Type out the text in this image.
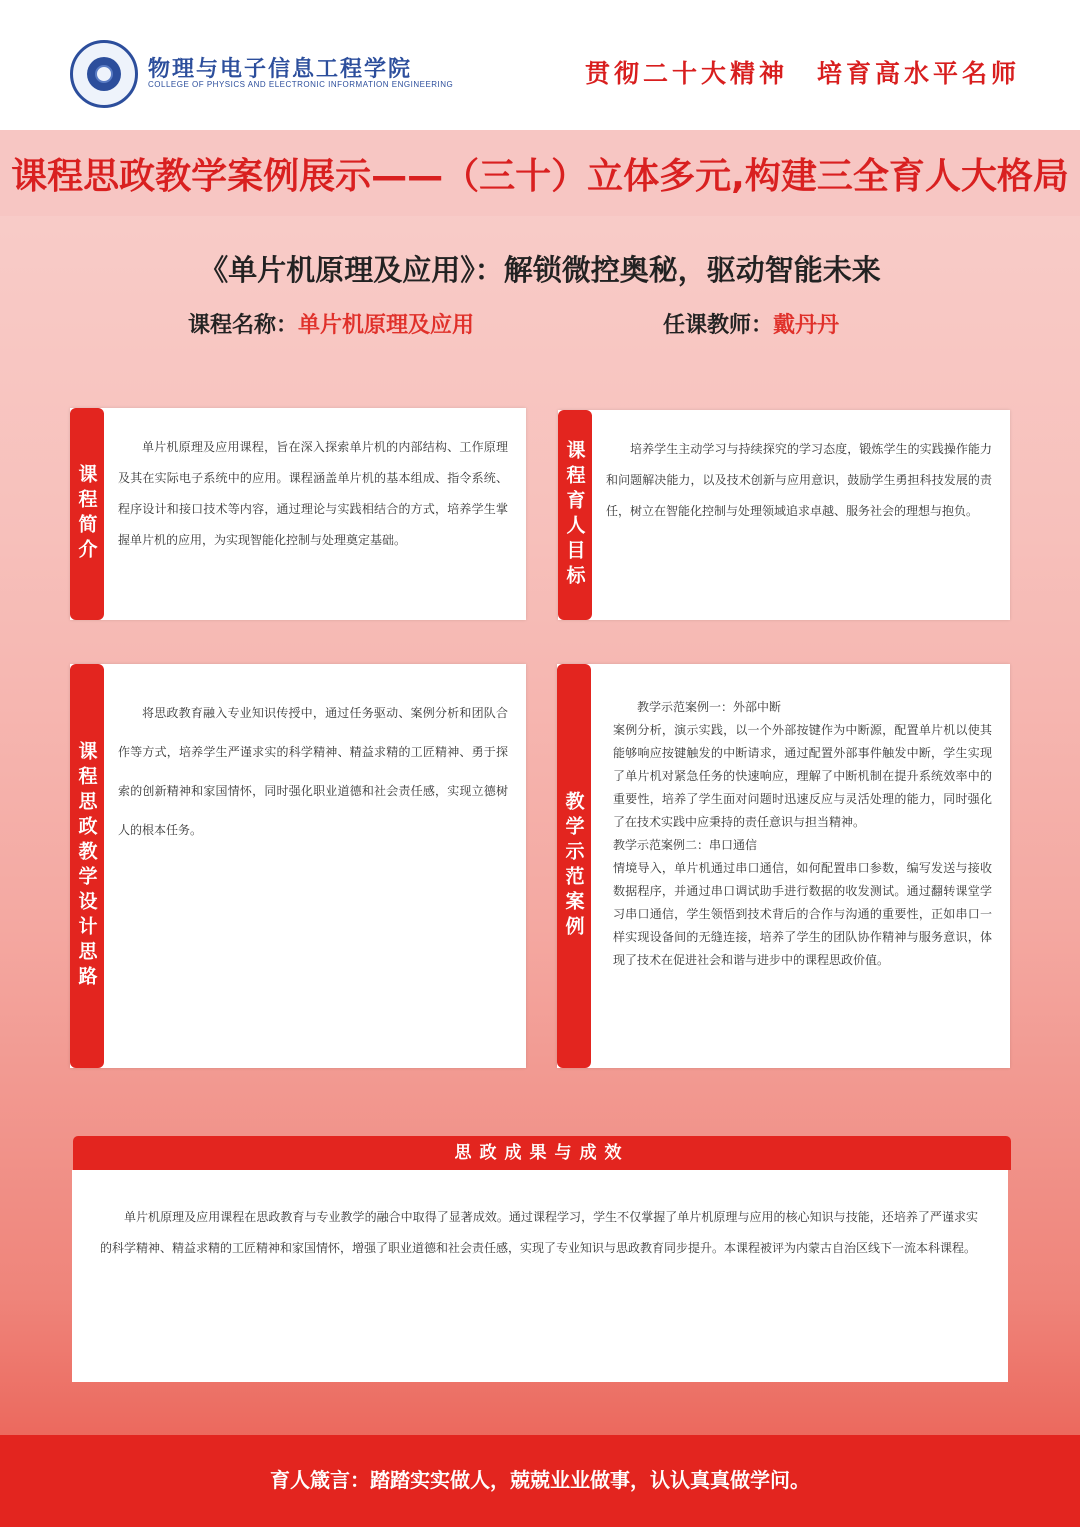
物理与电子信息工程学院
COLLEGE OF PHYSICS AND ELECTRONIC INFORMATION ENGINEERING	贯彻二十大精神　培育高水平名师
课程思政教学案例展示——（三十）立体多元,构建三全育人大格局
《单片机原理及应用》：解锁微控奥秘，驱动智能未来
课程名称：单片机原理及应用	任课教师：戴丹丹
课程简介
单片机原理及应用课程，旨在深入探索单片机的内部结构、工作原理及其在实际电子系统中的应用。课程涵盖单片机的基本组成、指令系统、程序设计和接口技术等内容，通过理论与实践相结合的方式，培养学生掌握单片机的应用，为实现智能化控制与处理奠定基础。	课程育人目标	培养学生主动学习与持续探究的学习态度，锻炼学生的实践操作能力和问题解决能力，以及技术创新与应用意识，鼓励学生勇担科技发展的责任，树立在智能化控制与处理领域追求卓越、服务社会的理想与抱负。
课程思政教学设计思路
将思政教育融入专业知识传授中，通过任务驱动、案例分析和团队合作等方式，培养学生严谨求实的科学精神、精益求精的工匠精神、勇于探索的创新精神和家国情怀，同时强化职业道德和社会责任感，实现立德树人的根本任务。	教学示范案例

教学示范案例一：外部中断

案例分析，演示实践，以一个外部按键作为中断源，配置单片机以使其能够响应按键触发的中断请求，通过配置外部事件触发中断，学生实现了单片机对紧急任务的快速响应，理解了中断机制在提升系统效率中的重要性，培养了学生面对问题时迅速反应与灵活处理的能力，同时强化了在技术实践中应秉持的责任意识与担当精神。

教学示范案例二：串口通信

情境导入，单片机通过串口通信，如何配置串口参数，编写发送与接收数据程序，并通过串口调试助手进行数据的收发测试。通过翻转课堂学习串口通信，学生领悟到技术背后的合作与沟通的重要性，正如串口一样实现设备间的无缝连接，培养了学生的团队协作精神与服务意识，体现了技术在促进社会和谐与进步中的课程思政价值。

思政成果与成效
单片机原理及应用课程在思政教育与专业教学的融合中取得了显著成效。通过课程学习，学生不仅掌握了单片机原理与应用的核心知识与技能，还培养了严谨求实的科学精神、精益求精的工匠精神和家国情怀，增强了职业道德和社会责任感，实现了专业知识与思政教育同步提升。本课程被评为内蒙古自治区线下一流本科课程。
育人箴言：踏踏实实做人，兢兢业业做事，认认真真做学问。
